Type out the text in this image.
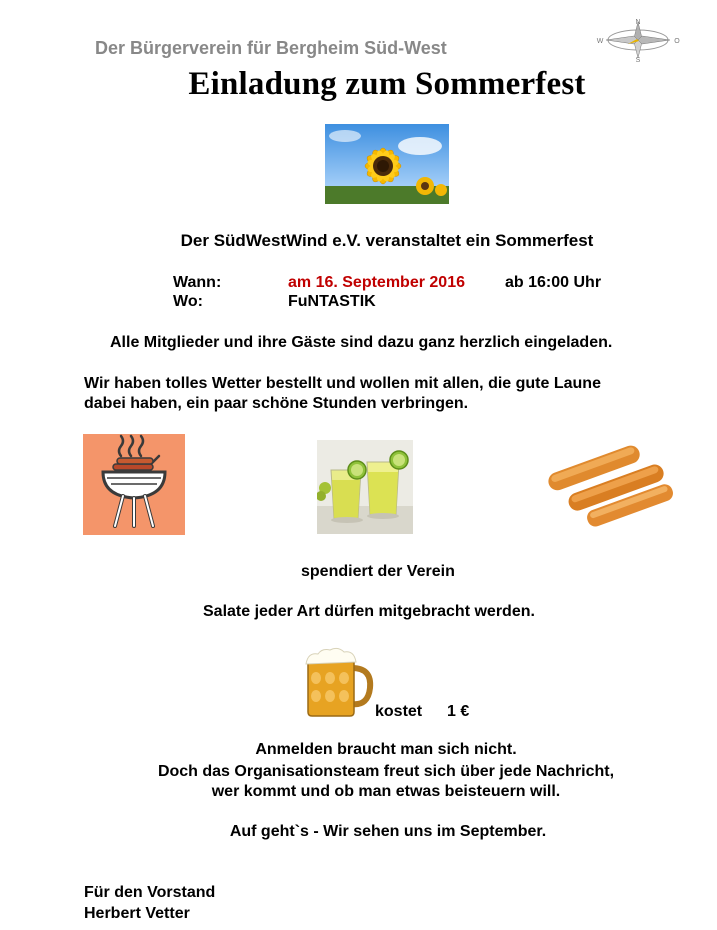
Der Bürgerverein für Bergheim Süd-West
N
S
W	O
Einladung zum Sommerfest
Der SüdWestWind e.V. veranstaltet ein Sommerfest
Wann:	am 16. September 2016	ab 16:00 Uhr
Wo:	FuNTASTIK
Alle Mitglieder und ihre Gäste sind dazu ganz herzlich eingeladen.
Wir haben tolles Wetter bestellt und wollen mit allen, die gute Laune
dabei haben, ein paar schöne Stunden verbringen.
spendiert der Verein
Salate jeder Art dürfen mitgebracht werden.
kostet 1 €
Anmelden braucht man sich nicht.
Doch das Organisationsteam freut sich über jede Nachricht,
wer kommt und ob man etwas beisteuern will.
Auf geht`s - Wir sehen uns im September.
Für den Vorstand
Herbert Vetter
